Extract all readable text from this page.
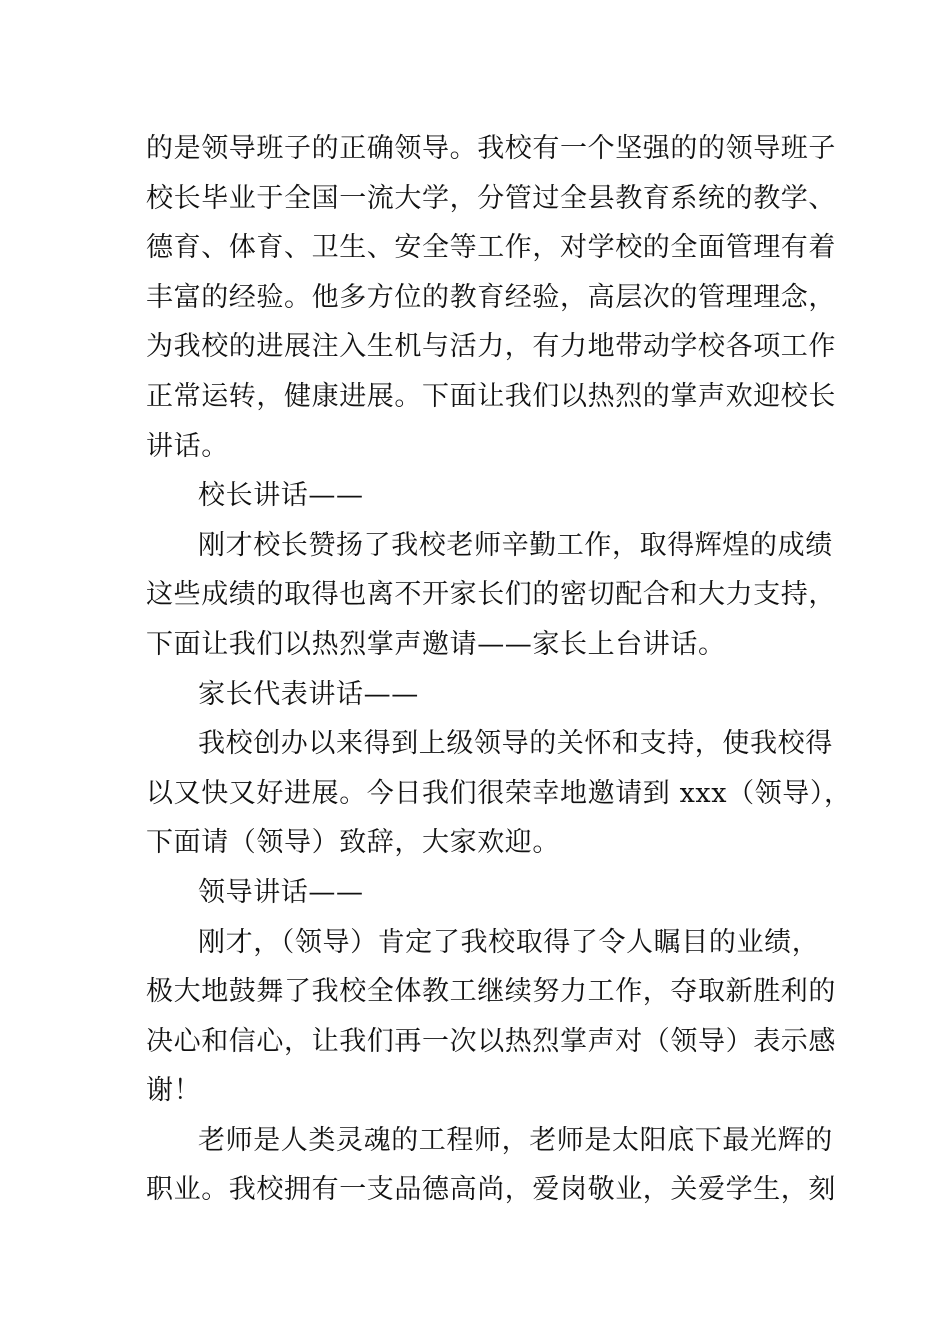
的是领导班子的正确领导。我校有一个坚强的的领导班子
校长毕业于全国一流大学，分管过全县教育系统的教学、
德育、体育、卫生、安全等工作，对学校的全面管理有着
丰富的经验。他多方位的教育经验，高层次的管理理念，
为我校的进展注入生机与活力，有力地带动学校各项工作
正常运转，健康进展。下面让我们以热烈的掌声欢迎校长
讲话。
校长讲话——
刚才校长赞扬了我校老师辛勤工作，取得辉煌的成绩
这些成绩的取得也离不开家长们的密切配合和大力支持，
下面让我们以热烈掌声邀请——家长上台讲话。
家长代表讲话——
我校创办以来得到上级领导的关怀和支持，使我校得
以又快又好进展。今日我们很荣幸地邀请到 xxx（领导），
下面请（领导）致辞，大家欢迎。
领导讲话——
刚才，（领导）肯定了我校取得了令人瞩目的业绩，
极大地鼓舞了我校全体教工继续努力工作，夺取新胜利的
决心和信心，让我们再一次以热烈掌声对（领导）表示感
谢！
老师是人类灵魂的工程师，老师是太阳底下最光辉的
职业。我校拥有一支品德高尚，爱岗敬业，关爱学生，刻
